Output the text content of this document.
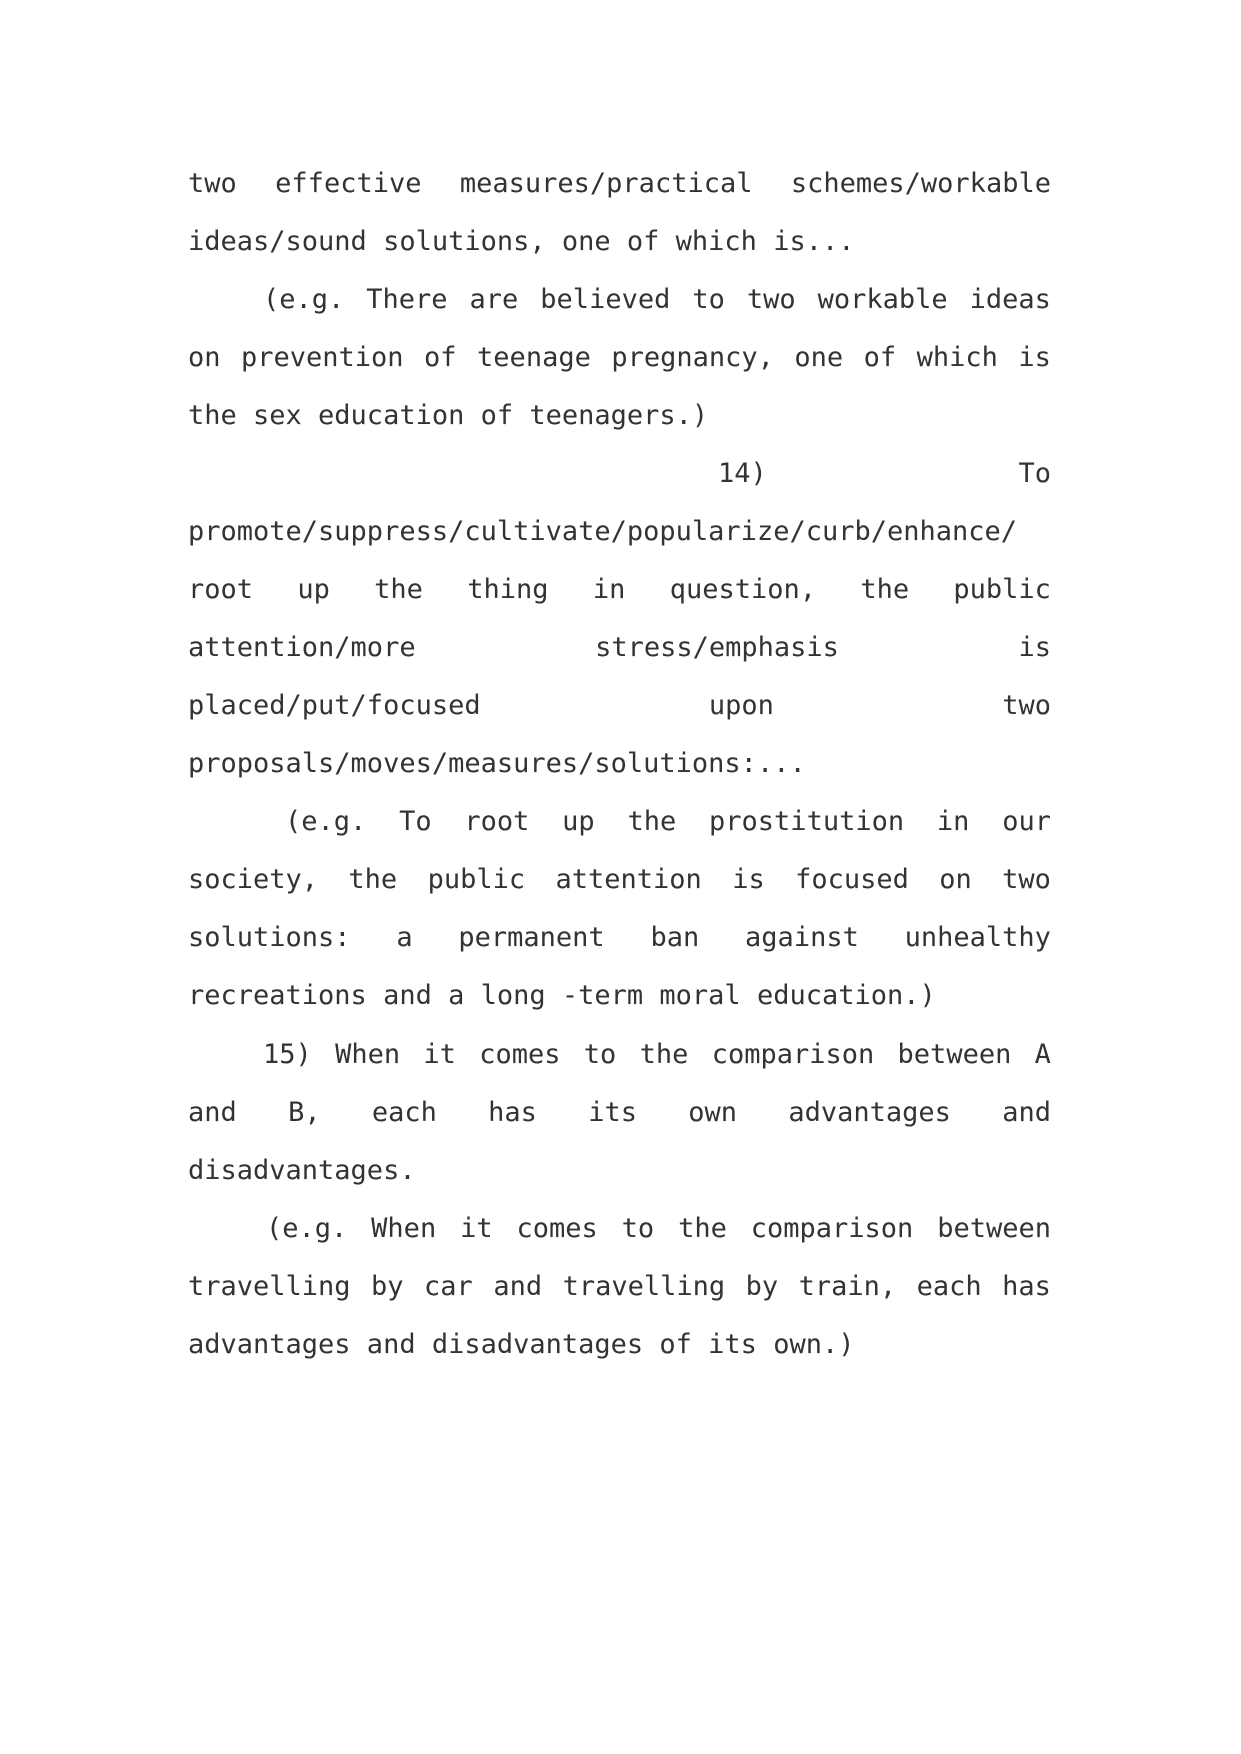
two effective measures/practical schemes/workable
ideas/sound solutions, one of which is...
(e.g. There are believed to two workable ideas
on prevention of teenage pregnancy, one of which is
the sex education of teenagers.)
14)	To
promote/suppress/cultivate/popularize/curb/enhance/
root up the thing in question, the public
attention/more	stress/emphasis	is
placed/put/focused	upon	two
proposals/moves/measures/solutions:...
(e.g. To root up the prostitution in our
society, the public attention is focused on two
solutions: a permanent ban against unhealthy
recreations and a long -term moral education.)
15) When it comes to the comparison between A
and B, each has its own advantages and
disadvantages.
(e.g. When it comes to the comparison between
travelling by car and travelling by train, each has
advantages and disadvantages of its own.)
